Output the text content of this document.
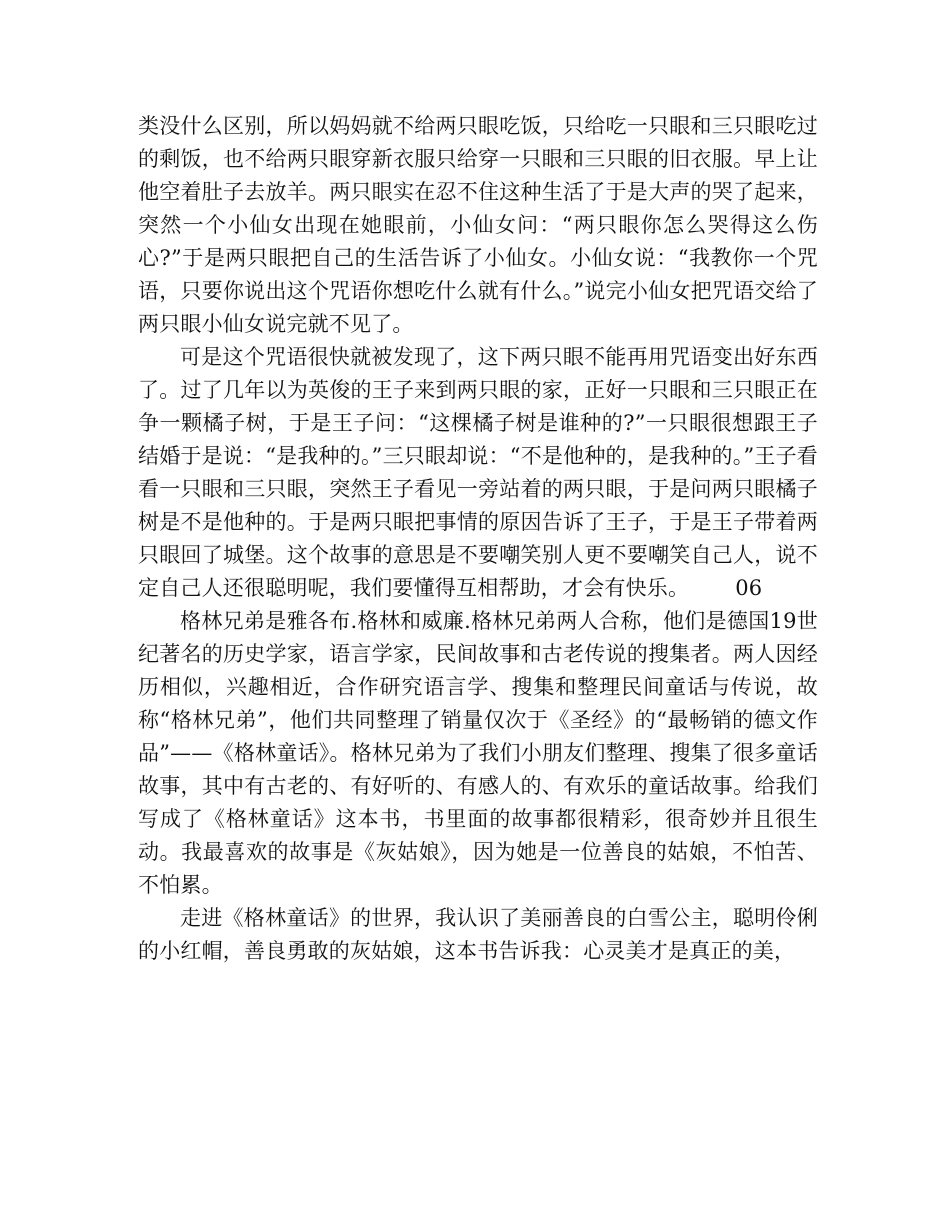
类没什么区别，所以妈妈就不给两只眼吃饭，只给吃一只眼和三只眼吃过的剩饭，也不给两只眼穿新衣服只给穿一只眼和三只眼的旧衣服。早上让他空着肚子去放羊。两只眼实在忍不住这种生活了于是大声的哭了起来，突然一个小仙女出现在她眼前，小仙女问：“两只眼你怎么哭得这么伤心?”于是两只眼把自己的生活告诉了小仙女。小仙女说：“我教你一个咒语，只要你说出这个咒语你想吃什么就有什么。”说完小仙女把咒语交给了两只眼小仙女说完就不见了。

可是这个咒语很快就被发现了，这下两只眼不能再用咒语变出好东西了。过了几年以为英俊的王子来到两只眼的家，正好一只眼和三只眼正在争一颗橘子树，于是王子问：“这棵橘子树是谁种的?”一只眼很想跟王子结婚于是说：“是我种的。”三只眼却说：“不是他种的，是我种的。”王子看看一只眼和三只眼，突然王子看见一旁站着的两只眼，于是问两只眼橘子树是不是他种的。于是两只眼把事情的原因告诉了王子，于是王子带着两只眼回了城堡。这个故事的意思是不要嘲笑别人更不要嘲笑自己人，说不定自己人还很聪明呢，我们要懂得互相帮助，才会有快乐。 06

格林兄弟是雅各布.格林和威廉.格林兄弟两人合称，他们是德国19世纪著名的历史学家，语言学家，民间故事和古老传说的搜集者。两人因经历相似，兴趣相近，合作研究语言学、搜集和整理民间童话与传说，故称“格林兄弟”，他们共同整理了销量仅次于《圣经》的“最畅销的德文作品”——《格林童话》。格林兄弟为了我们小朋友们整理、搜集了很多童话故事，其中有古老的、有好听的、有感人的、有欢乐的童话故事。给我们写成了《格林童话》这本书，书里面的故事都很精彩，很奇妙并且很生动。我最喜欢的故事是《灰姑娘》，因为她是一位善良的姑娘，不怕苦、不怕累。

走进《格林童话》的世界，我认识了美丽善良的白雪公主，聪明伶俐的小红帽，善良勇敢的灰姑娘，这本书告诉我：心灵美才是真正的美，
